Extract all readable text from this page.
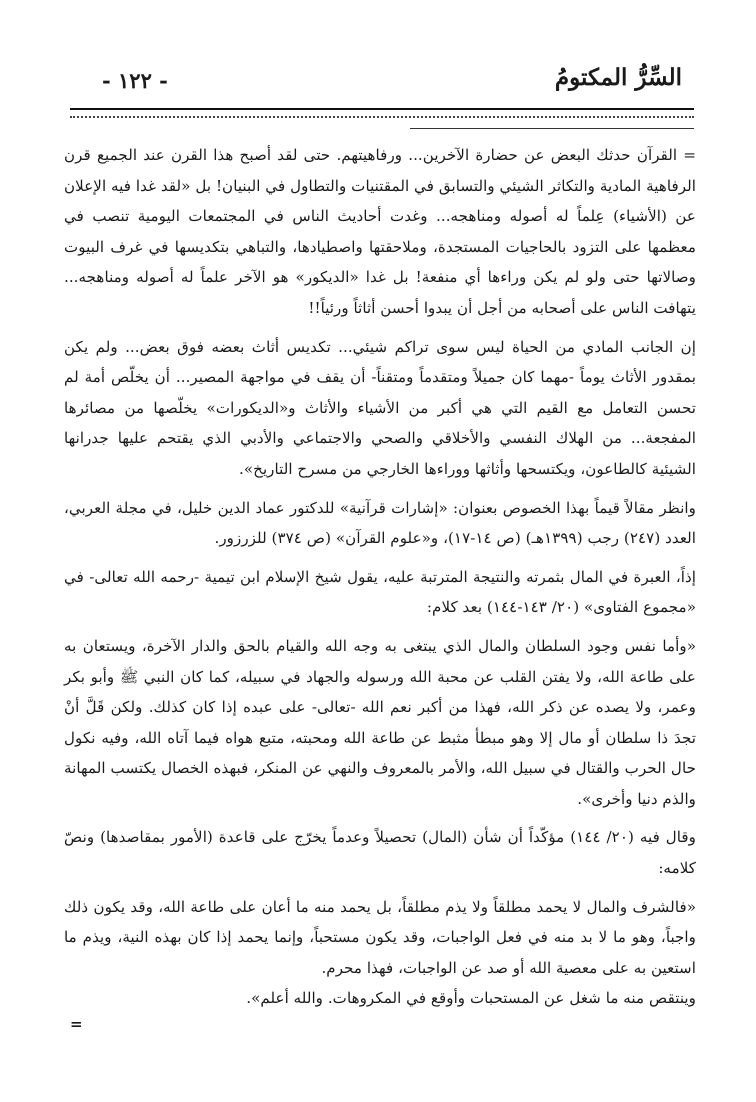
- ١٢٢ -	السِّرُّ المكتومُ

= القرآن حدثك البعض عن حضارة الآخرين... ورفاهيتهم. حتى لقد أصبح هذا القرن عند الجميع قرن الرفاهية المادية والتكاثر الشيئي والتسابق في المقتنيات والتطاول في البنيان! بل «لقد غدا فيه الإعلان عن (الأشياء) عِلماً له أصوله ومناهجه... وغدت أحاديث الناس في المجتمعات اليومية تنصب في معظمها على التزود بالحاجيات المستجدة، وملاحقتها واصطيادها، والتباهي بتكديسها في غرف البيوت وصالاتها حتى ولو لم يكن وراءها أي منفعة! بل غدا «الديكور» هو الآخر علماً له أصوله ومناهجه... يتهافت الناس على أصحابه من أجل أن يبدوا أحسن أثاثاً ورئياً!!

إن الجانب المادي من الحياة ليس سوى تراكم شيئي... تكديس أثاث بعضه فوق بعض... ولم يكن بمقدور الأثاث يوماً -مهما كان جميلاً ومتقدماً ومتقناً- أن يقف في مواجهة المصير... أن يخلّص أمة لم تحسن التعامل مع القيم التي هي أكبر من الأشياء والأثاث و«الديكورات» يخلّصها من مصائرها المفجعة... من الهلاك النفسي والأخلاقي والصحي والاجتماعي والأدبي الذي يقتحم عليها جدرانها الشيئية كالطاعون، ويكتسحها وأثاثها ووراءها الخارجي من مسرح التاريخ».

وانظر مقالاً قيماً بهذا الخصوص بعنوان: «إشارات قرآنية» للدكتور عماد الدين خليل، في مجلة العربي، العدد (٢٤٧) رجب (١٣٩٩هـ) (ص ١٤-١٧)، و«علوم القرآن» (ص ٣٧٤) للزرزور.

إذاً، العبرة في المال بثمرته والنتيجة المترتبة عليه، يقول شيخ الإسلام ابن تيمية -رحمه الله تعالى- في «مجموع الفتاوى» (٢٠/ ١٤٣-١٤٤) بعد كلام:

«وأما نفس وجود السلطان والمال الذي يبتغى به وجه الله والقيام بالحق والدار الآخرة، ويستعان به على طاعة الله، ولا يفتن القلب عن محبة الله ورسوله والجهاد في سبيله، كما كان النبي ﷺ وأبو بكر وعمر، ولا يصده عن ذكر الله، فهذا من أكبر نعم الله -تعالى- على عبده إذا كان كذلك. ولكن قَلَّ أنْ تجدَ ذا سلطان أو مال إلا وهو مبطأ مثبط عن طاعة الله ومحبته، متبع هواه فيما آتاه الله، وفيه نكول حال الحرب والقتال في سبيل الله، والأمر بالمعروف والنهي عن المنكر، فبهذه الخصال يكتسب المهانة والذم دنيا وأخرى».

وقال فيه (٢٠/ ١٤٤) مؤكّداً أن شأن (المال) تحصيلاً وعدماً يخرّج على قاعدة (الأمور بمقاصدها) ونصّ كلامه:

«فالشرف والمال لا يحمد مطلقاً ولا يذم مطلقاً، بل يحمد منه ما أعان على طاعة الله، وقد يكون ذلك واجباً، وهو ما لا بد منه في فعل الواجبات، وقد يكون مستحباً، وإنما يحمد إذا كان بهذه النية، ويذم ما استعين به على معصية الله أو صد عن الواجبات، فهذا محرم.

وينتقص منه ما شغل عن المستحبات وأوقع في المكروهات. والله أعلم».

=
